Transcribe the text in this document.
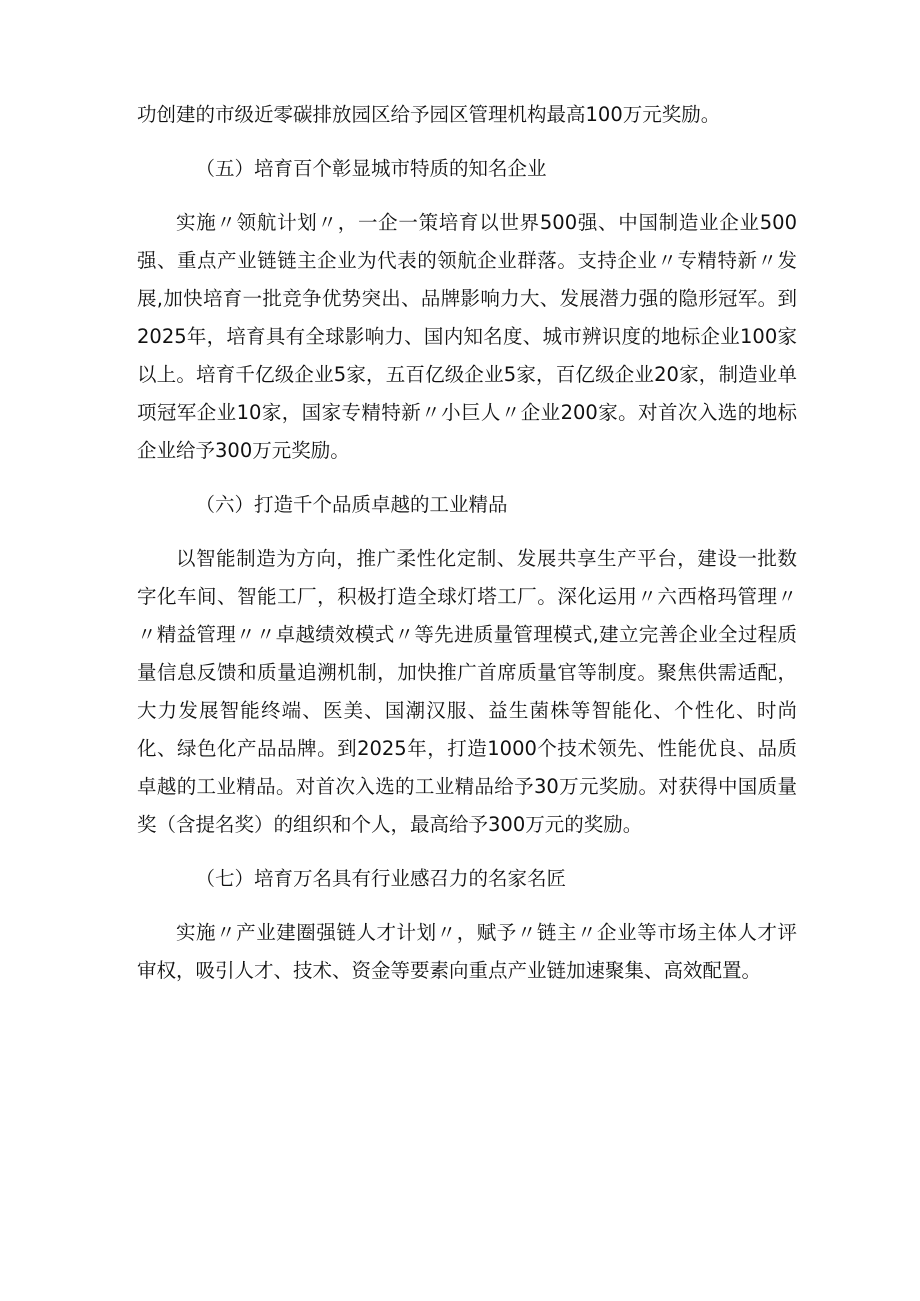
功创建的市级近零碳排放园区给予园区管理机构最高100万元奖励。

（五）培育百个彰显城市特质的知名企业

实施〃领航计划〃，一企一策培育以世界500强、中国制造业企业500强、重点产业链链主企业为代表的领航企业群落。支持企业〃专精特新〃发展,加快培育一批竞争优势突出、品牌影响力大、发展潜力强的隐形冠军。到2025年，培育具有全球影响力、国内知名度、城市辨识度的地标企业100家以上。培育千亿级企业5家，五百亿级企业5家，百亿级企业20家，制造业单项冠军企业10家，国家专精特新〃小巨人〃企业200家。对首次入选的地标企业给予300万元奖励。

（六）打造千个品质卓越的工业精品

以智能制造为方向，推广柔性化定制、发展共享生产平台，建设一批数字化车间、智能工厂，积极打造全球灯塔工厂。深化运用〃六西格玛管理〃〃精益管理〃〃卓越绩效模式〃等先进质量管理模式,建立完善企业全过程质量信息反馈和质量追溯机制，加快推广首席质量官等制度。聚焦供需适配，大力发展智能终端、医美、国潮汉服、益生菌株等智能化、个性化、时尚化、绿色化产品品牌。到2025年，打造1000个技术领先、性能优良、品质卓越的工业精品。对首次入选的工业精品给予30万元奖励。对获得中国质量奖（含提名奖）的组织和个人，最高给予300万元的奖励。

（七）培育万名具有行业感召力的名家名匠

实施〃产业建圈强链人才计划〃，赋予〃链主〃企业等市场主体人才评审权，吸引人才、技术、资金等要素向重点产业链加速聚集、高效配置。
